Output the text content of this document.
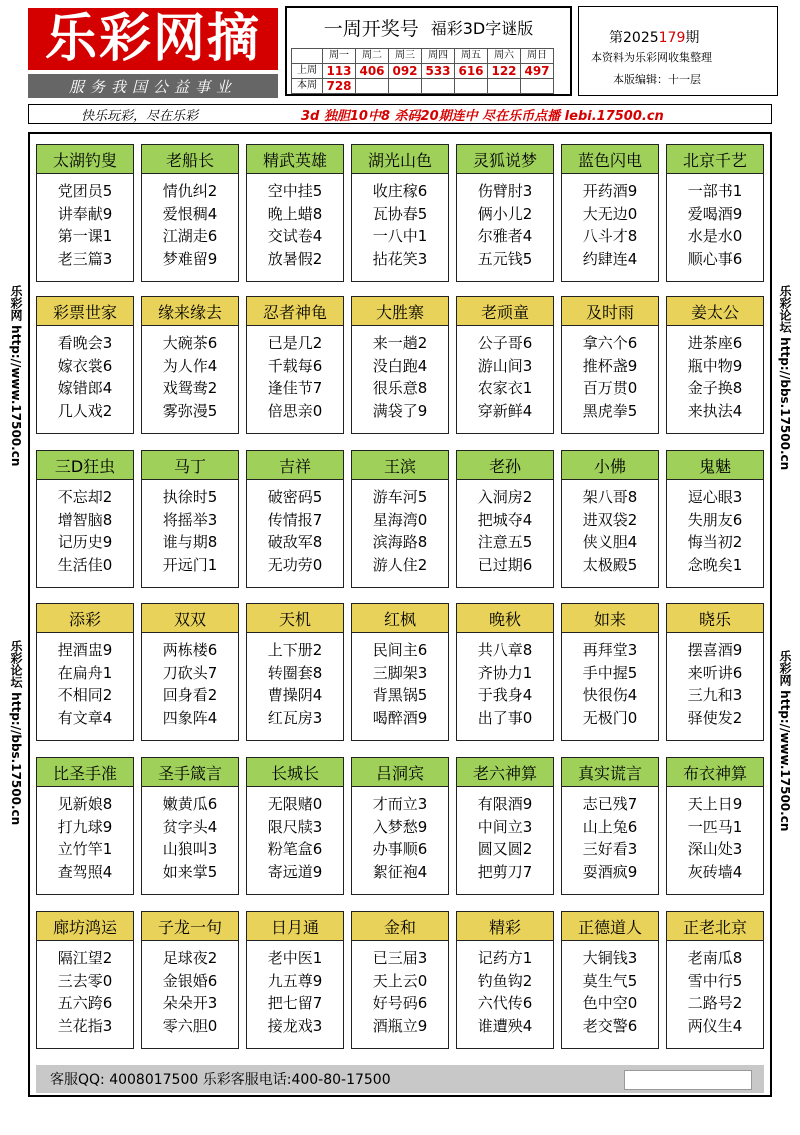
乐彩网摘
服务我国公益事业
一周开奖号 福彩3D字谜版
	周一	周二	周三	周四	周五	周六	周日
上周	113	406	092	533	616	122	497
本周	728						
第2025179期
本资料为乐彩网收集整理
本版编辑：十一层
快乐玩彩，尽在乐彩	3d 独胆10中8 杀码20期连中 尽在乐币点播 lebi.17500.cn
乐彩网 http://www.17500.cn
乐彩论坛 http://bbs.17500.cn
乐彩论坛 http://bbs.17500.cn
乐彩网 http://www.17500.cn
太湖钓叟
党团员5
讲奉献9
第一课1
老三篇3
老船长
情仇纠2
爱恨稠4
江湖走6
梦难留9
精武英雄
空中挂5
晚上蜡8
交试卷4
放暑假2
湖光山色
收庄稼6
瓦协春5
一八中1
拈花笑3
灵狐说梦
伤臂肘3
俩小儿2
尔雅者4
五元钱5
蓝色闪电
开药酒9
大无边0
八斗才8
约肆连4
北京千艺
一部书1
爱喝酒9
水是水0
顺心事6
彩票世家
看晚会3
嫁衣裳6
嫁错郎4
几人戏2
缘来缘去
大碗茶6
为人作4
戏鸳鸯2
雾弥漫5
忍者神龟
已是几2
千载每6
逢佳节7
倍思亲0
大胜寨
来一趟2
没白跑4
很乐意8
满袋了9
老顽童
公子哥6
游山间3
农家衣1
穿新鲜4
及时雨
拿六个6
推杯盏9
百万贯0
黑虎拳5
姜太公
进茶座6
瓶中物9
金子换8
来执法4
三D狂虫
不忘却2
增智脑8
记历史9
生活佳0
马丁
执徐时5
将摇举3
谁与期8
开远门1
吉祥
破密码5
传情报7
破敌军8
无功劳0
王滨
游车河5
星海湾0
滨海路8
游人住2
老孙
入洞房2
把城夺4
注意五5
已过期6
小佛
架八哥8
进双袋2
侠义胆4
太极殿5
鬼魅
逗心眼3
失朋友6
悔当初2
念晚矣1
添彩
捏酒盅9
在扁舟1
不相同2
有文章4
双双
两栋楼6
刀砍头7
回身看2
四象阵4
天机
上下册2
转圈套8
曹操阴4
红瓦房3
红枫
民间主6
三脚架3
背黑锅5
喝醉酒9
晚秋
共八章8
齐协力1
于我身4
出了事0
如来
再拜堂3
手中握5
快很伤4
无极门0
晓乐
摆喜酒9
来听讲6
三九和3
驿使发2
比圣手准
见新娘8
打九球9
立竹竿1
查驾照4
圣手箴言
嫩黄瓜6
贫字头4
山狼叫3
如来掌5
长城长
无限赌0
限尺牍3
粉笔盒6
寄远道9
吕洞宾
才而立3
入梦愁9
办事顺6
絮征袍4
老六神算
有限酒9
中间立3
圆又圆2
把剪刀7
真实谎言
志已残7
山上兔6
三好看3
耍酒疯9
布衣神算
天上日9
一匹马1
深山处3
灰砖墙4
廊坊鸿运
隔江望2
三去零0
五六跨6
兰花指3
子龙一句
足球夜2
金银婚6
朵朵开3
零六胆0
日月通
老中医1
九五尊9
把七留7
接龙戏3
金和
已三届3
天上云0
好号码6
酒瓶立9
精彩
记药方1
钓鱼钩2
六代传6
谁遭殃4
正德道人
大铜钱3
莫生气5
色中空0
老交警6
正老北京
老南瓜8
雪中行5
二路号2
两仪生4
客服QQ: 4008017500 乐彩客服电话:400-80-17500
